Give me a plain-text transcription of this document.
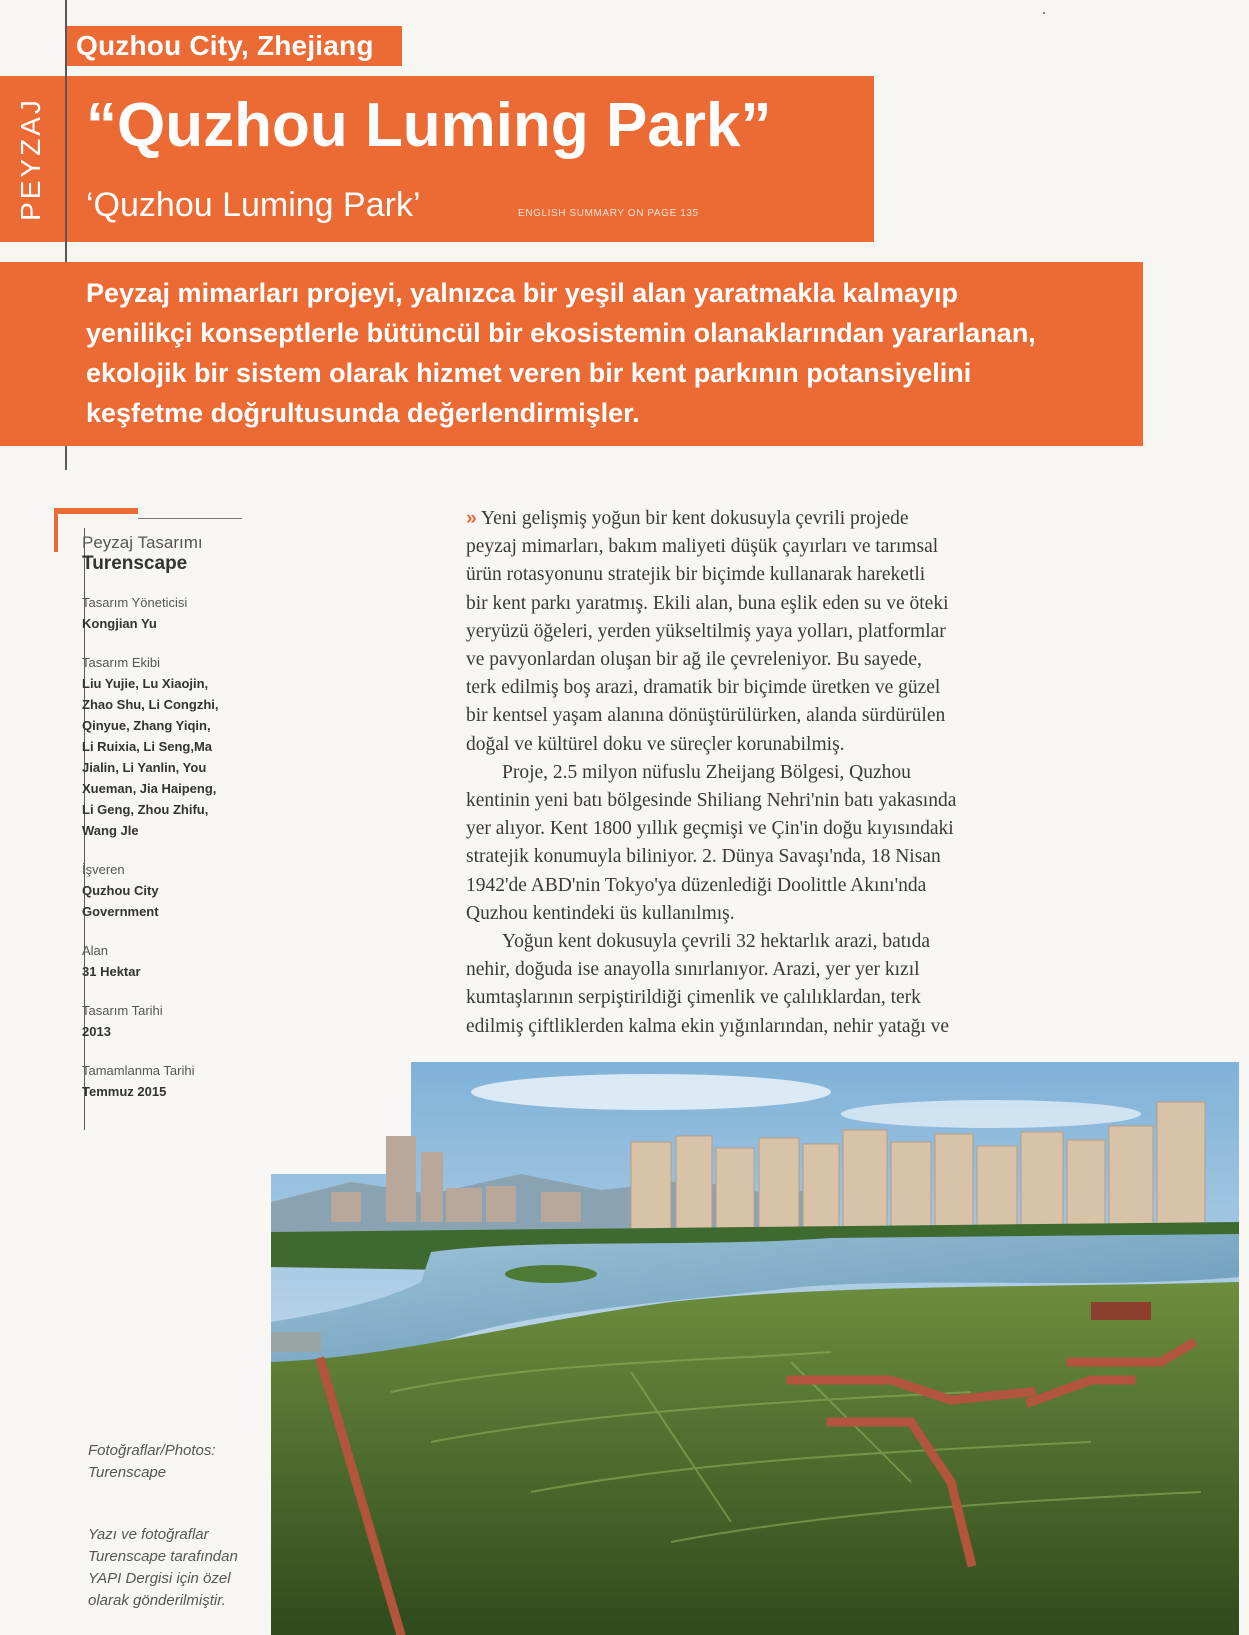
Quzhou City, Zhejiang
PEYZAJ “Quzhou Luming Park”
‘Quzhou Luming Park’	ENGLISH SUMMARY ON PAGE 135

Peyzaj mimarları projeyi, yalnızca bir yeşil alan yaratmakla kalmayıp

yenilikçi konseptlerle bütüncül bir ekosistemin olanaklarından yararlanan,

ekolojik bir sistem olarak hizmet veren bir kent parkının potansiyelini

keşfetme doğrultusunda değerlendirmişler.

Peyzaj Tasarımı

Turenscape

Tasarım Yöneticisi

Kongjian Yu

Tasarım Ekibi

Liu Yujie, Lu Xiaojin,

Zhao Shu, Li Congzhi,

Qinyue, Zhang Yiqin,

Li Ruixia, Li Seng,Ma

Jialin, Li Yanlin, You

Xueman, Jia Haipeng,

Li Geng, Zhou Zhifu,

Wang Jle

İşveren

Quzhou City

Government

Alan

31 Hektar

Tasarım Tarihi

2013

Tamamlanma Tarihi

Temmuz 2015

» Yeni gelişmiş yoğun bir kent dokusuyla çevrili projede

peyzaj mimarları, bakım maliyeti düşük çayırları ve tarımsal

ürün rotasyonunu stratejik bir biçimde kullanarak hareketli

bir kent parkı yaratmış. Ekili alan, buna eşlik eden su ve öteki

yeryüzü öğeleri, yerden yükseltilmiş yaya yolları, platformlar

ve pavyonlardan oluşan bir ağ ile çevreleniyor. Bu sayede,

terk edilmiş boş arazi, dramatik bir biçimde üretken ve güzel

bir kentsel yaşam alanına dönüştürülürken, alanda sürdürülen

doğal ve kültürel doku ve süreçler korunabilmiş.

Proje, 2.5 milyon nüfuslu Zheijang Bölgesi, Quzhou

kentinin yeni batı bölgesinde Shiliang Nehri'nin batı yakasında

yer alıyor. Kent 1800 yıllık geçmişi ve Çin'in doğu kıyısındaki

stratejik konumuyla biliniyor. 2. Dünya Savaşı'nda, 18 Nisan

1942'de ABD'nin Tokyo'ya düzenlediği Doolittle Akını'nda

Quzhou kentindeki üs kullanılmış.

Yoğun kent dokusuyla çevrili 32 hektarlık arazi, batıda

nehir, doğuda ise anayolla sınırlanıyor. Arazi, yer yer kızıl

kumtaşlarının serpiştirildiği çimenlik ve çalılıklardan, terk

edilmiş çiftliklerden kalma ekin yığınlarından, nehir yatağı ve

Fotoğraflar/Photos:

Turenscape

Yazı ve fotoğraflar

Turenscape tarafından

YAPI Dergisi için özel

olarak gönderilmiştir.
